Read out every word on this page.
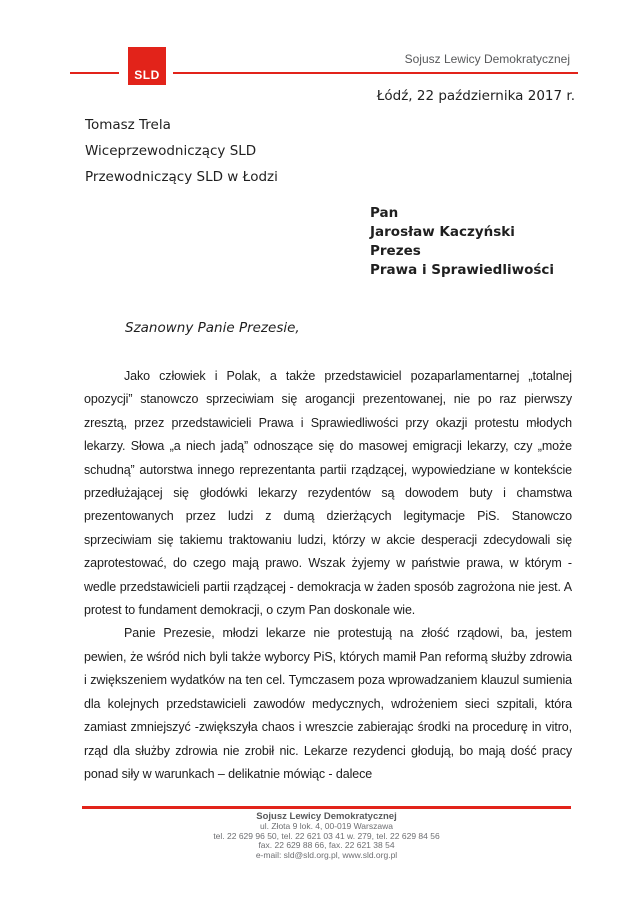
SLD
Sojusz Lewicy Demokratycznej
Łódź, 22 października 2017 r.
Tomasz Trela
Wiceprzewodniczący SLD
Przewodniczący SLD w Łodzi
Pan
Jarosław Kaczyński
Prezes
Prawa i Sprawiedliwości
Szanowny Panie Prezesie,

Jako człowiek i Polak, a także przedstawiciel pozaparlamentarnej „totalnej opozycji” stanowczo sprzeciwiam się arogancji prezentowanej, nie po raz pierwszy zresztą, przez przedstawicieli Prawa i Sprawiedliwości przy okazji protestu młodych lekarzy. Słowa „a niech jadą” odnoszące się do masowej emigracji lekarzy, czy „może schudną” autorstwa innego reprezentanta partii rządzącej, wypowiedziane w kontekście przedłużającej się głodówki lekarzy rezydentów są dowodem buty i chamstwa prezentowanych przez ludzi z dumą dzierżących legitymacje PiS. Stanowczo sprzeciwiam się takiemu traktowaniu ludzi, którzy w akcie desperacji zdecydowali się zaprotestować, do czego mają prawo. Wszak żyjemy w państwie prawa, w którym - wedle przedstawicieli partii rządzącej - demokracja w żaden sposób zagrożona nie jest. A protest to fundament demokracji, o czym Pan doskonale wie.

Panie Prezesie, młodzi lekarze nie protestują na złość rządowi, ba, jestem pewien, że wśród nich byli także wyborcy PiS, których mamił Pan reformą służby zdrowia i zwiększeniem wydatków na ten cel. Tymczasem poza wprowadzaniem klauzul sumienia dla kolejnych przedstawicieli zawodów medycznych, wdrożeniem sieci szpitali, która zamiast zmniejszyć -zwiększyła chaos i wreszcie zabierając środki na procedurę in vitro, rząd dla służby zdrowia nie zrobił nic. Lekarze rezydenci głodują, bo mają dość pracy ponad siły w warunkach – delikatnie mówiąc - dalece

Sojusz Lewicy Demokratycznej
ul. Złota 9 lok. 4, 00-019 Warszawa
tel. 22 629 96 50, tel. 22 621 03 41 w. 279, tel. 22 629 84 56
fax. 22 629 88 66, fax. 22 621 38 54
e-mail: sld@sld.org.pl, www.sld.org.pl
